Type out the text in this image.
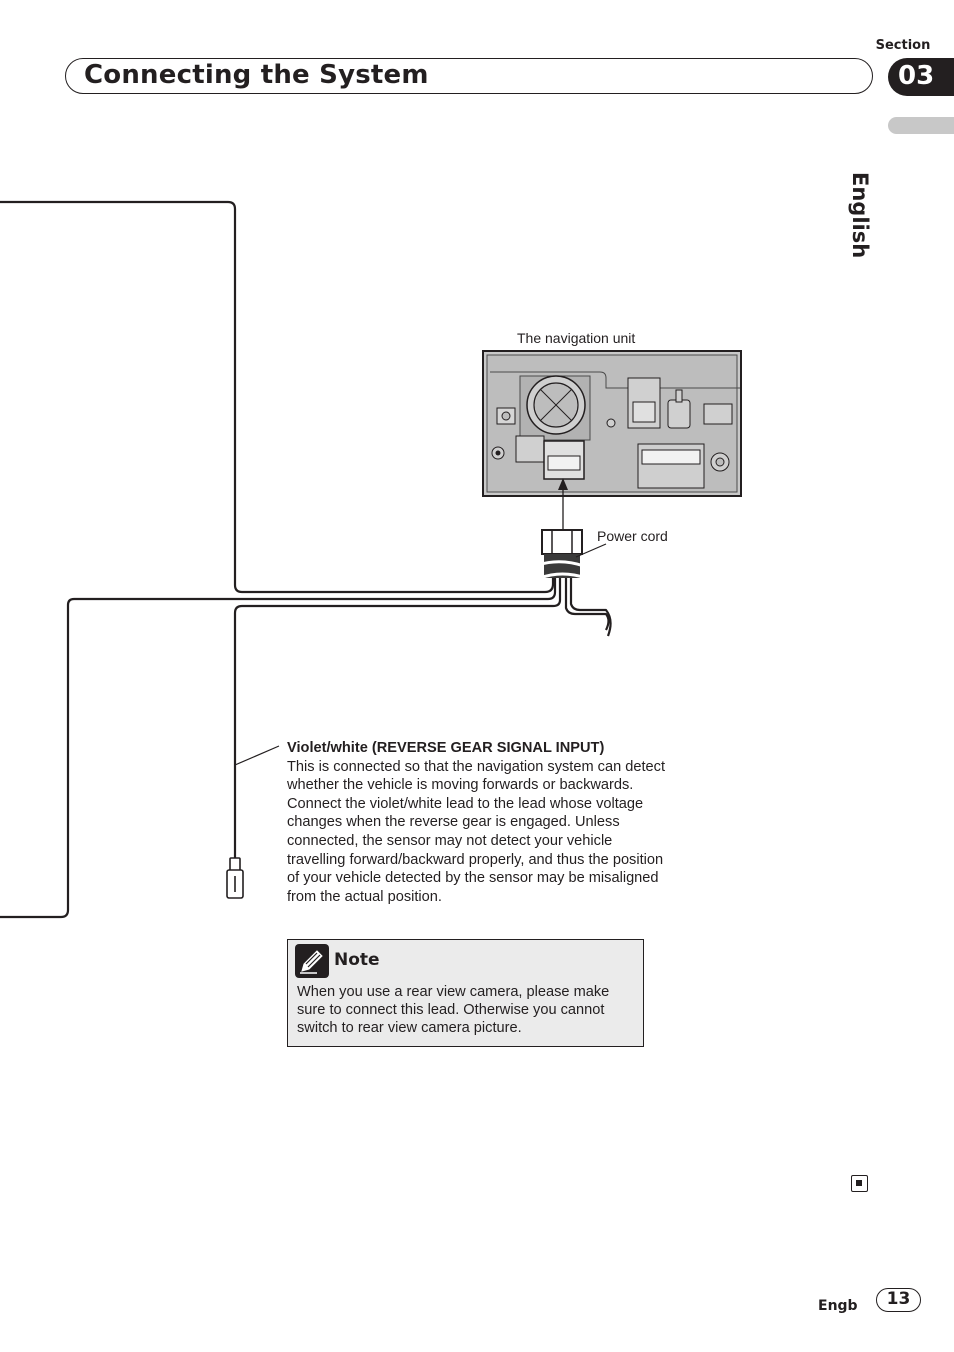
Section
Connecting the System	03
English
The navigation unit
Power cord
Violet/white (REVERSE GEAR SIGNAL INPUT)
This is connected so that the navigation system can detect
whether the vehicle is moving forwards or backwards.
Connect the violet/white lead to the lead whose voltage
changes when the reverse gear is engaged. Unless
connected, the sensor may not detect your vehicle
travelling forward/backward properly, and thus the position
of your vehicle detected by the sensor may be misaligned
from the actual position.
Note
When you use a rear view camera, please make sure to connect this lead. Otherwise you cannot switch to rear view camera picture.
Engb	13
